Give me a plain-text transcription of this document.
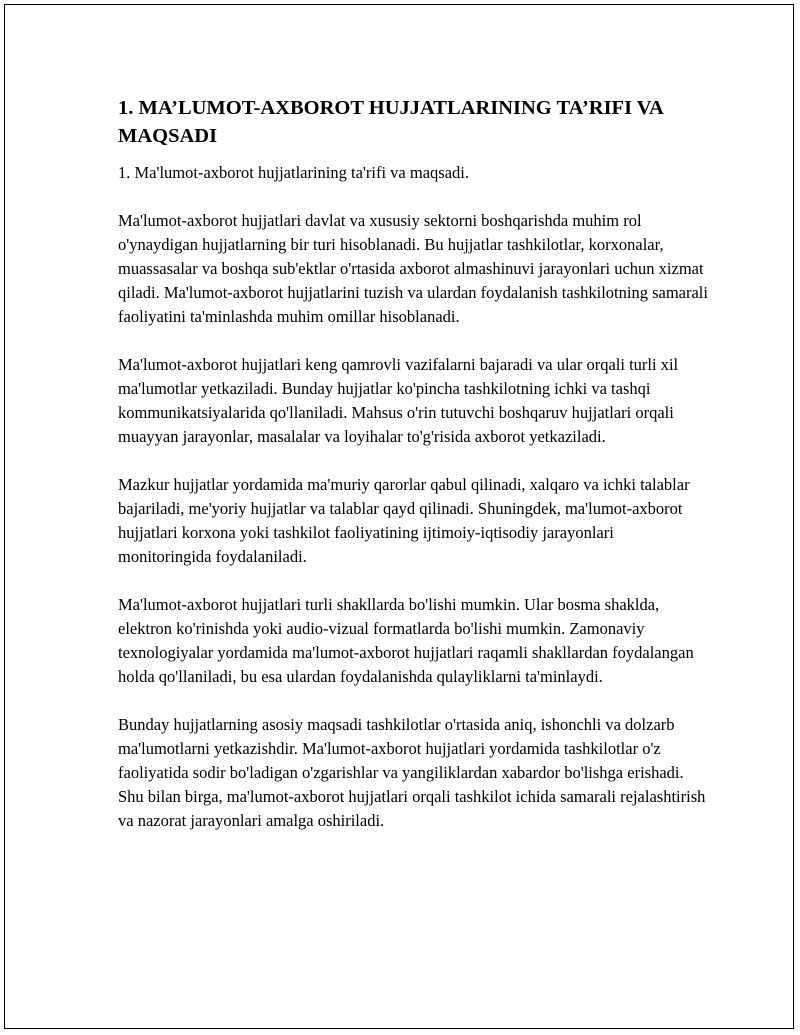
1. MA’LUMOT-AXBOROT HUJJATLARINING TA’RIFI VA MAQSADI

1. Ma'lumot-axborot hujjatlarining ta'rifi va maqsadi.

Ma'lumot-axborot hujjatlari davlat va xususiy sektorni boshqarishda muhim rol o'ynaydigan hujjatlarning bir turi hisoblanadi. Bu hujjatlar tashkilotlar, korxonalar, muassasalar va boshqa sub'ektlar o'rtasida axborot almashinuvi jarayonlari uchun xizmat qiladi. Ma'lumot-axborot hujjatlarini tuzish va ulardan foydalanish tashkilotning samarali faoliyatini ta'minlashda muhim omillar hisoblanadi.

Ma'lumot-axborot hujjatlari keng qamrovli vazifalarni bajaradi va ular orqali turli xil ma'lumotlar yetkaziladi. Bunday hujjatlar ko'pincha tashkilotning ichki va tashqi kommunikatsiyalarida qo'llaniladi. Mahsus o'rin tutuvchi boshqaruv hujjatlari orqali muayyan jarayonlar, masalalar va loyihalar to'g'risida axborot yetkaziladi.

Mazkur hujjatlar yordamida ma'muriy qarorlar qabul qilinadi, xalqaro va ichki talablar bajariladi, me'yoriy hujjatlar va talablar qayd qilinadi. Shuningdek, ma'lumot-axborot hujjatlari korxona yoki tashkilot faoliyatining ijtimoiy-iqtisodiy jarayonlari monitoringida foydalaniladi.

Ma'lumot-axborot hujjatlari turli shakllarda bo'lishi mumkin. Ular bosma shaklda, elektron ko'rinishda yoki audio-vizual formatlarda bo'lishi mumkin. Zamonaviy texnologiyalar yordamida ma'lumot-axborot hujjatlari raqamli shakllardan foydalangan holda qo'llaniladi, bu esa ulardan foydalanishda qulayliklarni ta'minlaydi.

Bunday hujjatlarning asosiy maqsadi tashkilotlar o'rtasida aniq, ishonchli va dolzarb ma'lumotlarni yetkazishdir. Ma'lumot-axborot hujjatlari yordamida tashkilotlar o'z faoliyatida sodir bo'ladigan o'zgarishlar va yangiliklardan xabardor bo'lishga erishadi. Shu bilan birga, ma'lumot-axborot hujjatlari orqali tashkilot ichida samarali rejalashtirish va nazorat jarayonlari amalga oshiriladi.
